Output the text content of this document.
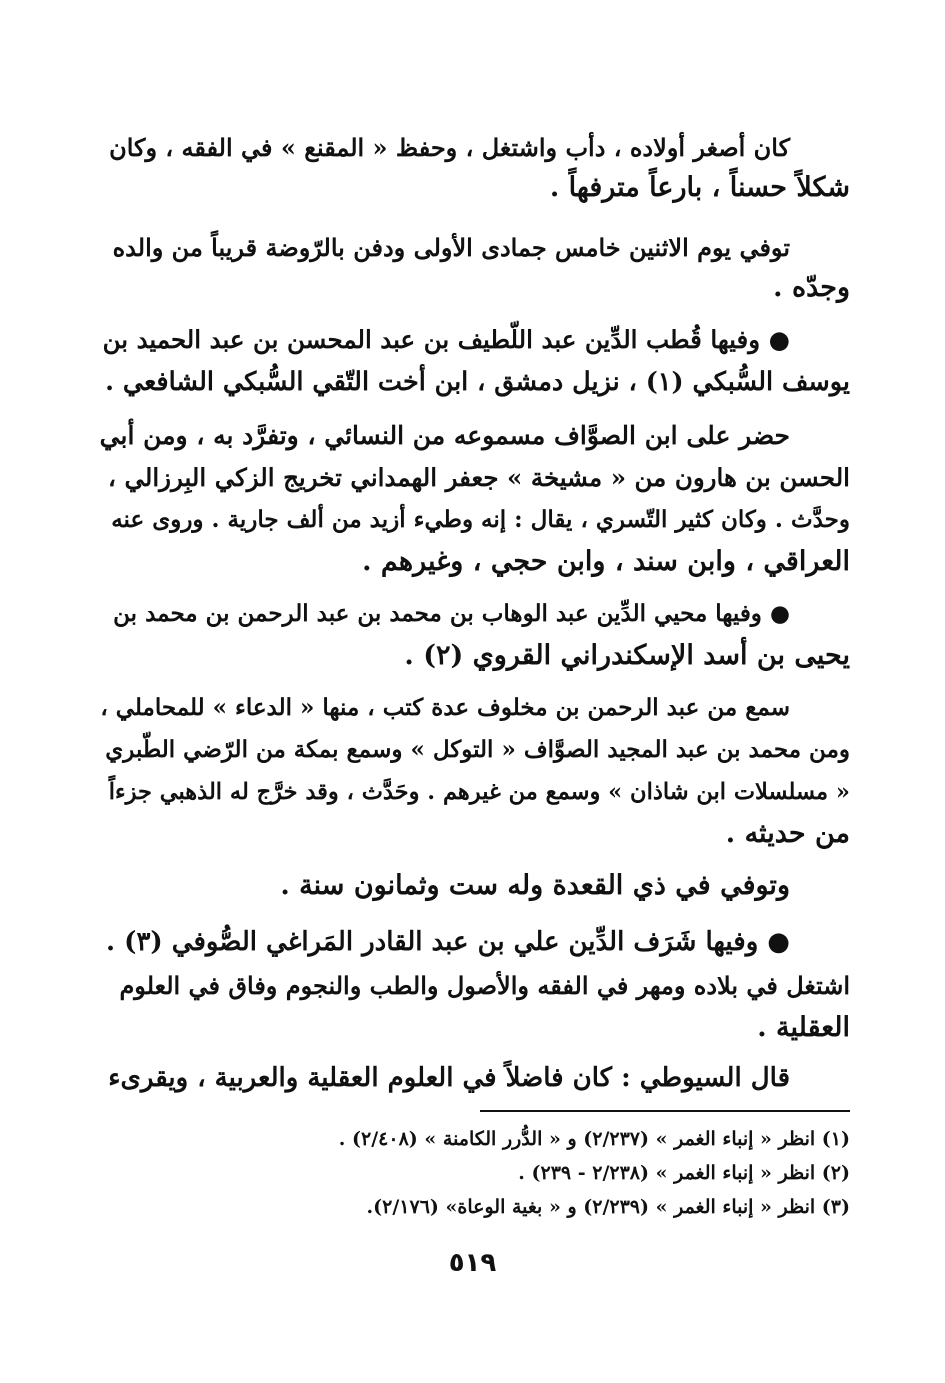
كان أصغر أولاده ، دأب واشتغل ، وحفظ « المقنع » في الفقه ، وكان
شكلاً حسناً ، بارعاً مترفهاً .
توفي يوم الاثنين خامس جمادى الأولى ودفن بالرّوضة قريباً من والده
وجدّه .
● وفيها قُطب الدِّين عبد اللّطيف بن عبد المحسن بن عبد الحميد بن
يوسف السُّبكي (١) ، نزيل دمشق ، ابن أخت التّقي السُّبكي الشافعي .
حضر على ابن الصوَّاف مسموعه من النسائي ، وتفرَّد به ، ومن أبي
الحسن بن هارون من « مشيخة » جعفر الهمداني تخريج الزكي البِرزالي ،
وحدَّث . وكان كثير التّسري ، يقال : إنه وطيء أزيد من ألف جارية . وروى عنه
العراقي ، وابن سند ، وابن حجي ، وغيرهم .
● وفيها محيي الدِّين عبد الوهاب بن محمد بن عبد الرحمن بن محمد بن
يحيى بن أسد الإسكندراني القروي (٢) .
سمع من عبد الرحمن بن مخلوف عدة كتب ، منها « الدعاء » للمحاملي ،
ومن محمد بن عبد المجيد الصوَّاف « التوكل » وسمع بمكة من الرّضي الطّبري
« مسلسلات ابن شاذان » وسمع من غيرهم . وحَدَّث ، وقد خرَّج له الذهبي جزءاً
من حديثه .
وتوفي في ذي القعدة وله ست وثمانون سنة .
● وفيها شَرَف الدِّين علي بن عبد القادر المَراغي الصُّوفي (٣) .
اشتغل في بلاده ومهر في الفقه والأصول والطب والنجوم وفاق في العلوم
العقلية .
قال السيوطي : كان فاضلاً في العلوم العقلية والعربية ، ويقرىء
(١) انظر « إنباء الغمر » (٢/٢٣٧) و « الدُّرر الكامنة » (٢/٤٠٨) .
(٢) انظر « إنباء الغمر » (٢/٢٣٨ - ٢٣٩) .
(٣) انظر « إنباء الغمر » (٢/٢٣٩) و « بغية الوعاة» (٢/١٧٦).
٥١٩
